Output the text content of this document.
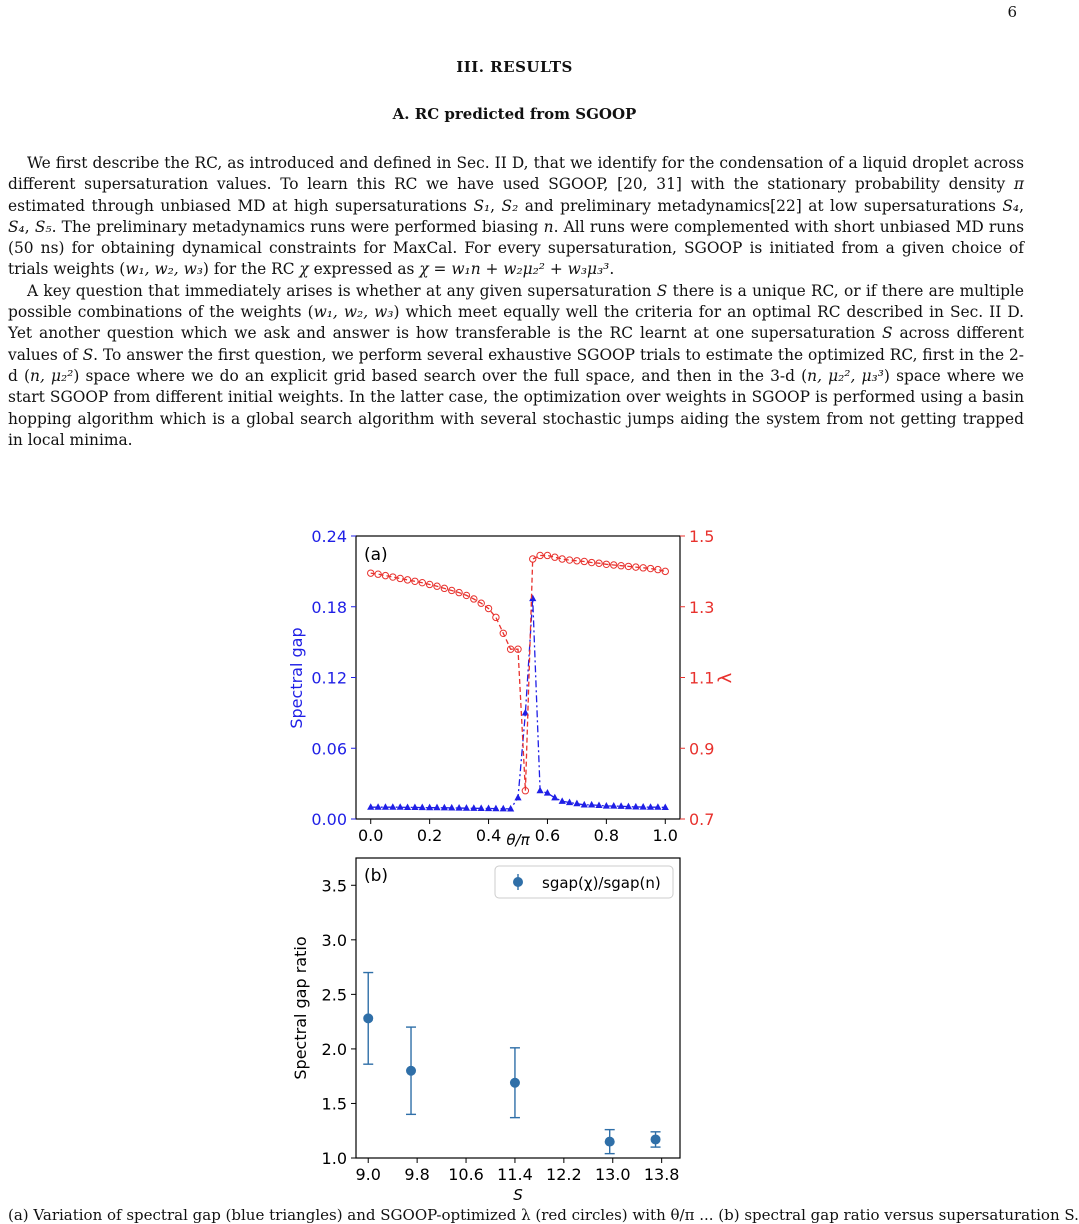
6
III. RESULTS
A. RC predicted from SGOOP

We first describe the RC, as introduced and defined in Sec. II D, that we identify for the condensation of a liquid droplet across different supersaturation values. To learn this RC we have used SGOOP, [20, 31] with the stationary probability density π estimated through unbiased MD at high supersaturations S₁, S₂ and preliminary metadynamics[22] at low supersaturations S₄, S₄, S₅. The preliminary metadynamics runs were performed biasing n. All runs were complemented with short unbiased MD runs (50 ns) for obtaining dynamical constraints for MaxCal. For every supersaturation, SGOOP is initiated from a given choice of trials weights (w₁, w₂, w₃) for the RC χ expressed as χ = w₁n + w₂μ₂² + w₃μ₃³.

A key question that immediately arises is whether at any given supersaturation S there is a unique RC, or if there are multiple possible combinations of the weights (w₁, w₂, w₃) which meet equally well the criteria for an optimal RC described in Sec. II D. Yet another question which we ask and answer is how transferable is the RC learnt at one supersaturation S across different values of S. To answer the first question, we perform several exhaustive SGOOP trials to estimate the optimized RC, first in the 2-d (n, μ₂²) space where we do an explicit grid based search over the full space, and then in the 3-d (n, μ₂², μ₃³) space where we start SGOOP from different initial weights. In the latter case, the optimization over weights in SGOOP is performed using a basin hopping algorithm which is a global search algorithm with several stochastic jumps aiding the system from not getting trapped in local minima.

(a)
0.0 0.2 0.4 0.6 0.8 1.0
0.00
0.06
0.12
0.18
0.24
0.7
0.9
1.1
1.3
1.5
θ/π
Spectral gap	λ
(b)	sgap(χ)/sgap(n)
9.0 9.8 10.6 11.4 12.2 13.0 13.8
1.0
1.5
2.0
2.5
3.0
3.5
S
Spectral gap ratio
(a) Variation of spectral gap (blue triangles) and SGOOP-optimized λ (red circles) with θ/π ... (b) spectral gap ratio versus supersaturation S.
